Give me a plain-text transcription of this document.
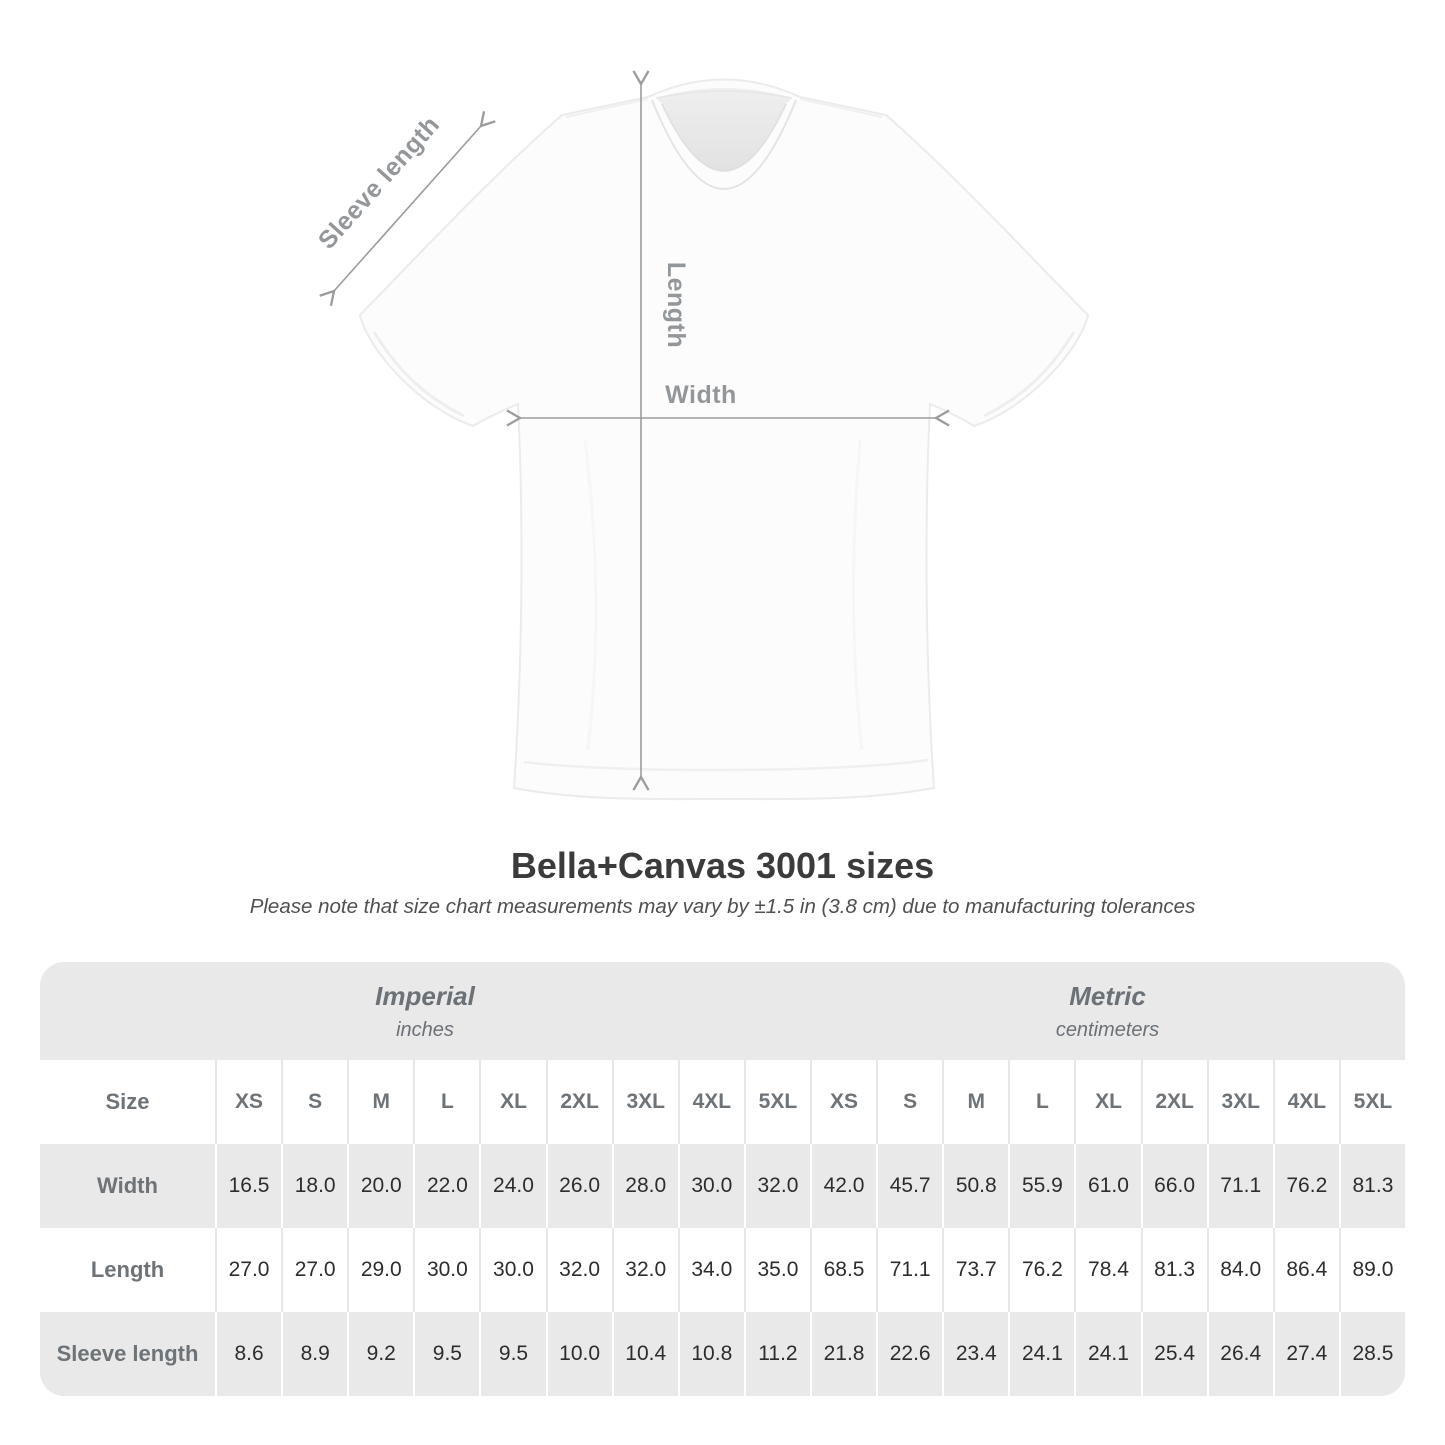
Length
Width
Sleeve length
Bella+Canvas 3001 sizes

Please note that size chart measurements may vary by ±1.5 in (3.8 cm) due to manufacturing tolerances

Imperial
inches
Metric
centimeters
Size	XS	S	M	L	XL	2XL	3XL	4XL	5XL	XS	S	M	L	XL	2XL	3XL	4XL	5XL
Width	16.5	18.0	20.0	22.0	24.0	26.0	28.0	30.0	32.0	42.0	45.7	50.8	55.9	61.0	66.0	71.1	76.2	81.3
Length	27.0	27.0	29.0	30.0	30.0	32.0	32.0	34.0	35.0	68.5	71.1	73.7	76.2	78.4	81.3	84.0	86.4	89.0
Sleeve length	8.6	8.9	9.2	9.5	9.5	10.0	10.4	10.8	11.2	21.8	22.6	23.4	24.1	24.1	25.4	26.4	27.4	28.5
